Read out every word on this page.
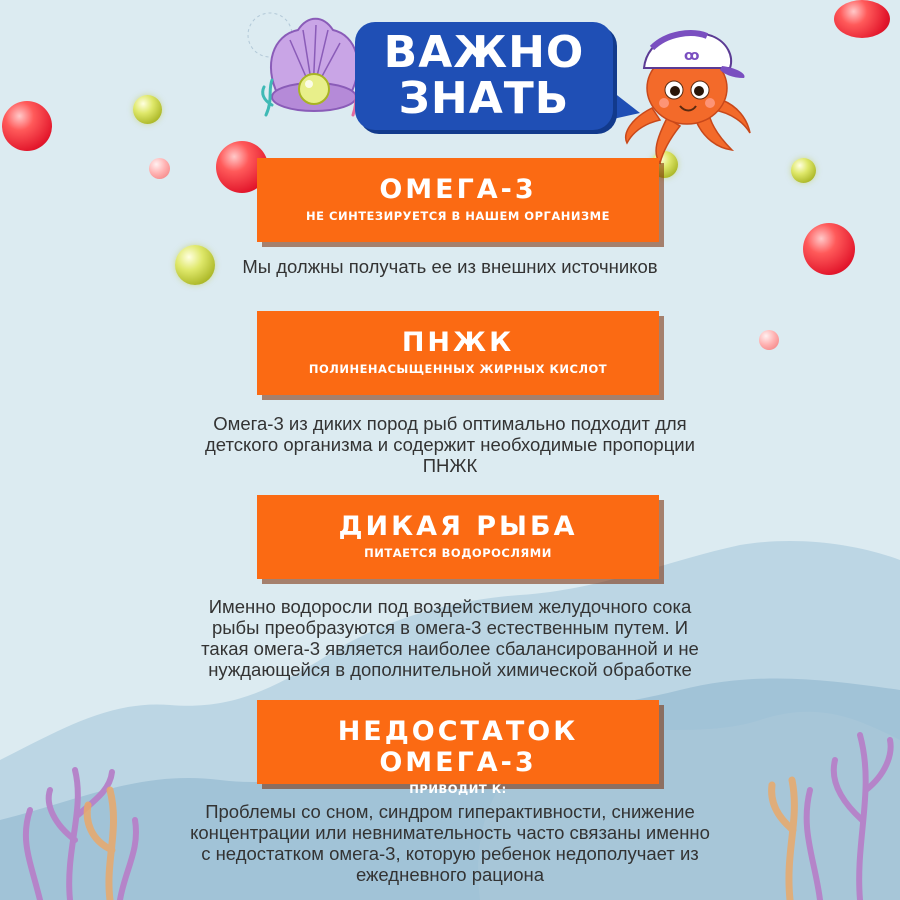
ВАЖНО
ЗНАТЬ
ꝏ
ОМЕГА-3
НЕ СИНТЕЗИРУЕТСЯ В НАШЕМ ОРГАНИЗМЕ
Мы должны получать ее из внешних источников
ПНЖК
ПОЛИНЕНАСЫЩЕННЫХ ЖИРНЫХ КИСЛОТ
Омега-3 из диких пород рыб оптимально подходит для
детского организма и содержит необходимые пропорции
ПНЖК
ДИКАЯ РЫБА
ПИТАЕТСЯ ВОДОРОСЛЯМИ
Именно водоросли под воздействием желудочного сока
рыбы преобразуются в омега-3 естественным путем. И
такая омега-3 является наиболее сбалансированной и не
нуждающейся в дополнительной химической обработке
НЕДОСТАТОК ОМЕГА-3
ПРИВОДИТ К:
Проблемы со сном, синдром гиперактивности, снижение
концентрации или невнимательность часто связаны именно
с недостатком омега-3, которую ребенок недополучает из
ежедневного рациона
